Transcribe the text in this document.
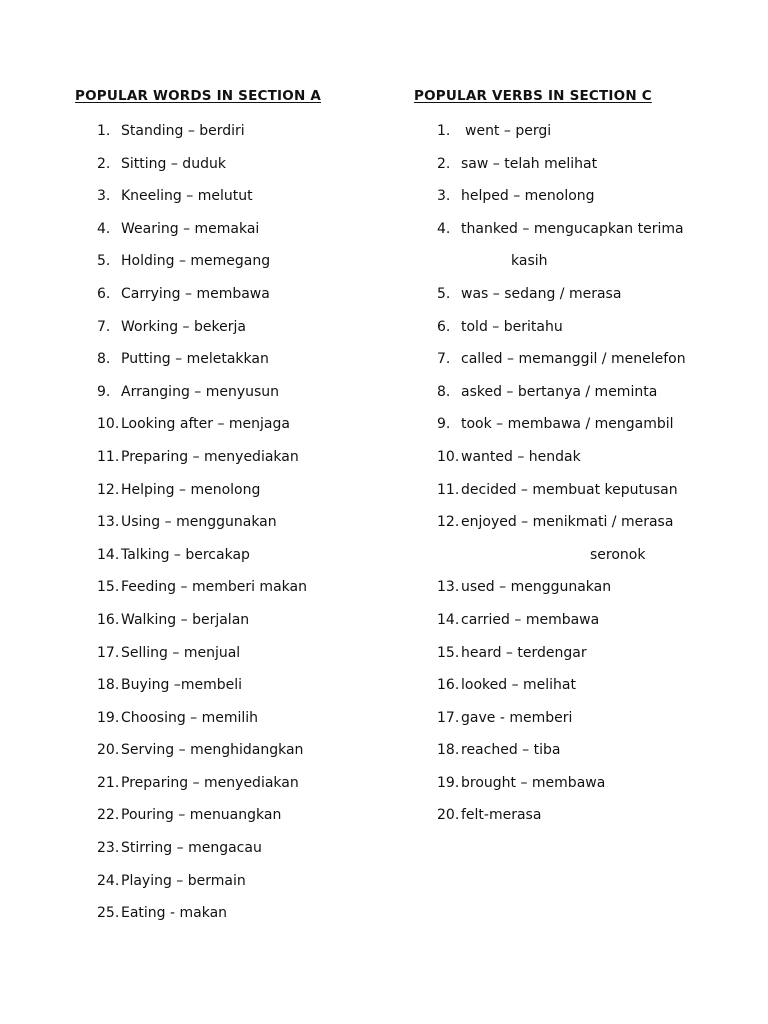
POPULAR WORDS IN SECTION A	POPULAR VERBS IN SECTION C
1. Standing – berdiri
2. Sitting – duduk
3. Kneeling – melutut
4. Wearing – memakai
5. Holding – memegang
6. Carrying – membawa
7. Working – bekerja
8. Putting – meletakkan
9. Arranging – menyusun
10. Looking after – menjaga
11. Preparing – menyediakan
12. Helping – menolong
13. Using – menggunakan
14. Talking – bercakap
15. Feeding – memberi makan
16. Walking – berjalan
17. Selling – menjual
18. Buying –membeli
19. Choosing – memilih
20. Serving – menghidangkan
21. Preparing – menyediakan
22. Pouring – menuangkan
23. Stirring – mengacau
24. Playing – bermain
25. Eating - makan
1. went – pergi
2. saw – telah melihat
3. helped – menolong
4. thanked – mengucapkan terima
kasih
5. was – sedang / merasa
6. told – beritahu
7. called – memanggil / menelefon
8. asked – bertanya / meminta
9. took – membawa / mengambil
10. wanted – hendak
11. decided – membuat keputusan
12. enjoyed – menikmati / merasa
seronok
13. used – menggunakan
14. carried – membawa
15. heard – terdengar
16. looked – melihat
17. gave - memberi
18. reached – tiba
19. brought – membawa
20. felt-merasa
